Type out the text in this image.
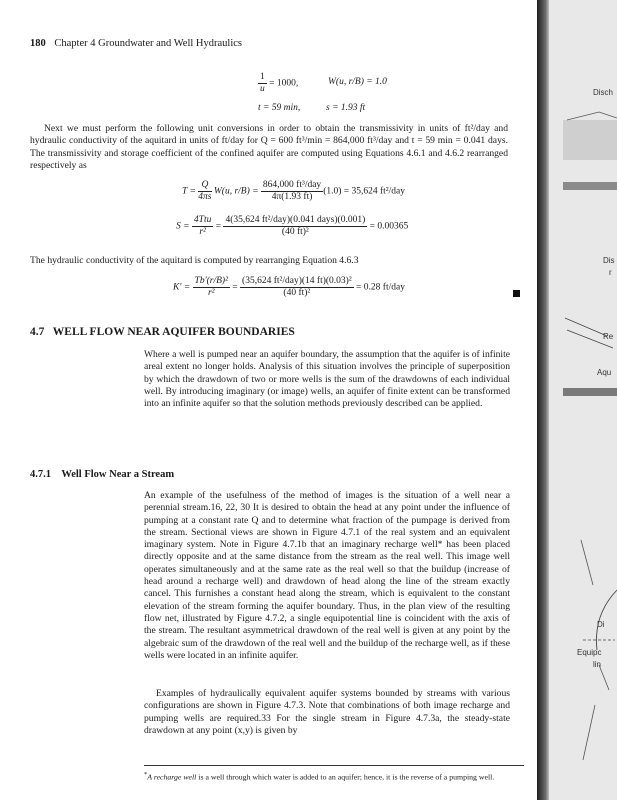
180 Chapter 4 Groundwater and Well Hydraulics
$\frac{1}{u} = 1000$,	W(u, r/B) = 1.0
t = 59 min,	s = 1.93 ft
Next we must perform the following unit conversions in order to obtain the transmissivity in units of ft²/day and hydraulic conductivity of the aquitard in units of ft/day for Q = 600 ft³/min = 864,000 ft³/day and t = 59 min = 0.041 days. The transmissivity and storage coefficient of the confined aquifer are computed using Equations 4.6.1 and 4.6.2 rearranged respectively as
$T = \frac{Q}{4\pi s} W(u$, $r/B) = \frac{\text{864,000 ft³/day}}{4\pi(1.93 ft)} (1.0) = 35,624$ ft²/day
$S = \frac{\text{4Ttu}}{\text{r²}} = \frac{\text{4(35,624 ft²/day)(0.041 days)(0.001)}}{\text{(40 ft)²}} = 0.00365$
The hydraulic conductivity of the aquitard is computed by rearranging Equation 4.6.3
$K' = \frac{\text{Tb'(r/B)²}}{\text{r²}} = \frac{\text{(35,624 ft²/day)(14 ft)(0.03)²}}{\text{(40 ft)²}} = 0.28$ ft/day
4.7 WELL FLOW NEAR AQUIFER BOUNDARIES
Where a well is pumped near an aquifer boundary, the assumption that the aquifer is of infinite areal extent no longer holds. Analysis of this situation involves the principle of superposition by which the drawdown of two or more wells is the sum of the drawdowns of each individual well. By introducing imaginary (or image) wells, an aquifer of finite extent can be transformed into an infinite aquifer so that the solution methods previously described can be applied.
4.7.1 Well Flow Near a Stream
An example of the usefulness of the method of images is the situation of a well near a perennial stream.16, 22, 30 It is desired to obtain the head at any point under the influence of pumping at a constant rate Q and to determine what fraction of the pumpage is derived from the stream. Sectional views are shown in Figure 4.7.1 of the real system and an equivalent imaginary system. Note in Figure 4.7.1b that an imaginary recharge well* has been placed directly opposite and at the same distance from the stream as the real well. This image well operates simultaneously and at the same rate as the real well so that the buildup (increase of head around a recharge well) and drawdown of head along the line of the stream exactly cancel. This furnishes a constant head along the stream, which is equivalent to the constant elevation of the stream forming the aquifer boundary. Thus, in the plan view of the resulting flow net, illustrated by Figure 4.7.2, a single equipotential line is coincident with the axis of the stream. The resultant asymmetrical drawdown of the real well is given at any point by the algebraic sum of the drawdown of the real well and the buildup of the recharge well, as if these wells were located in an infinite aquifer.
Examples of hydraulically equivalent aquifer systems bounded by streams with various configurations are shown in Figure 4.7.3. Note that combinations of both image recharge and pumping wells are required.33 For the single stream in Figure 4.7.3a, the steady-state drawdown at any point (x,y) is given by
*A recharge well is a well through which water is added to an aquifer; hence, it is the reverse of a pumping well.
Disch
Dis
r
Re
Aqu
Di
Equipc
lin
